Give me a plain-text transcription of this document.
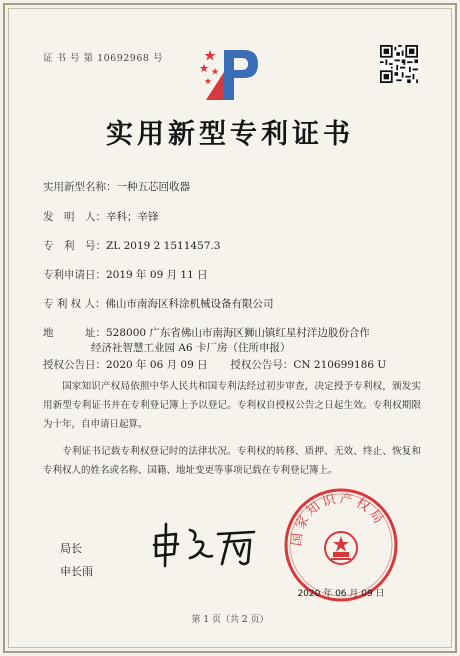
证 书 号 第 10692968 号
实用新型专利证书
实用新型名称：一种五芯回收器
发　明　人：辛科；辛锋
专　利　号：ZL 2019 2 1511457.3
专利申请日：2019 年 09 月 11 日
专 利 权 人：佛山市南海区科涂机械设备有限公司
地　　　址：528000 广东省佛山市南海区狮山镇红星村洋边股份合作
经济社智慧工业园 A6 卡厂房（住所申报）
授权公告日：2020 年 06 月 09 日 授权公告号：CN 210699186 U
国家知识产权局依照中华人民共和国专利法经过初步审查，决定授予专利权，颁发实用新型专利证书并在专利登记簿上予以登记。专利权自授权公告之日起生效。专利权期限为十年，自申请日起算。
专利证书记载专利权登记时的法律状况。专利权的转移、质押、无效、终止、恢复和专利权人的姓名或名称、国籍、地址变更等事项记载在专利登记簿上。
局长
申长雨
国家知识产权局
2020 年 06 月 09 日
第 1 页（共 2 页）
